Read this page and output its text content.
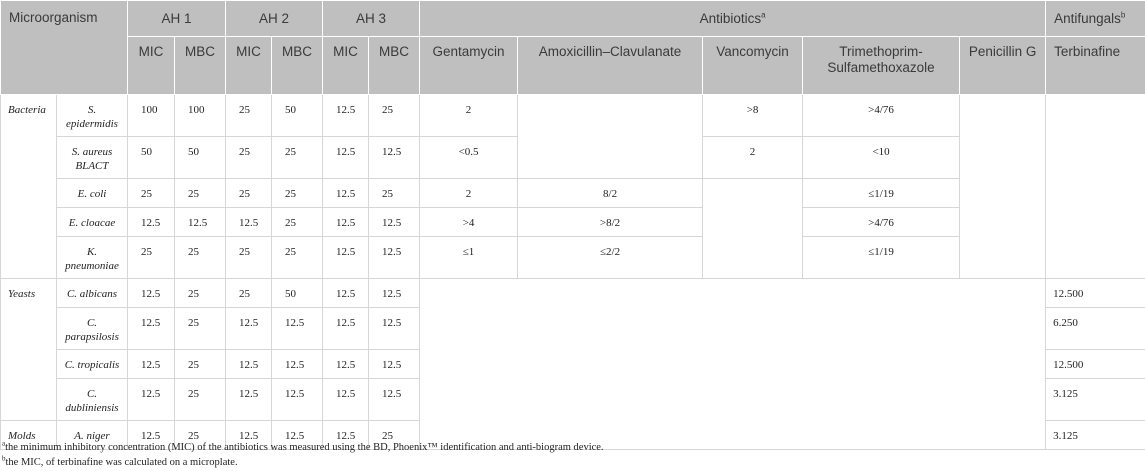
Microorganism		AH 1		AH 2		AH 3		Antibiotics$^a$					Antifungals$^b$
		MIC	MBC	MIC	MBC	MIC	MBC	Gentamycin	Amoxicillin–Clavulanate	Vancomycin	Trimethoprim-Sulfamethoxazole	Penicillin G	Terbinafine
Bacteria	S. epidermidis	100	100	25	50	12.5	25	2		>8	>4/76		
	S. aureus BLACT	50	50	25	25	12.5	12.5	<0.5		2	<10		
	E. coli	25	25	25	25	12.5	25	2	8/2		≤1/19		
	E. cloacae	12.5	12.5	12.5	25	12.5	12.5	>4	>8/2		>4/76		
	K. pneumoniae	25	25	25	25	12.5	12.5	≤1	≤2/2		≤1/19		
Yeasts	C. albicans	12.5	25	25	50	12.5	12.5						12.500
	C. parapsilosis	12.5	25	12.5	12.5	12.5	12.5						6.250
	C. tropicalis	12.5	25	12.5	12.5	12.5	12.5						12.500
	C. dubliniensis	12.5	25	12.5	12.5	12.5	12.5						3.125
Molds	A. niger	12.5	25	12.5	12.5	12.5	25						3.125
$^a$the minimum inhibitory concentration (MIC) of the antibiotics was measured using the BD, Phoenix™ identification and anti-biogram device.
$^b$the MIC, of terbinafine was calculated on a microplate.
